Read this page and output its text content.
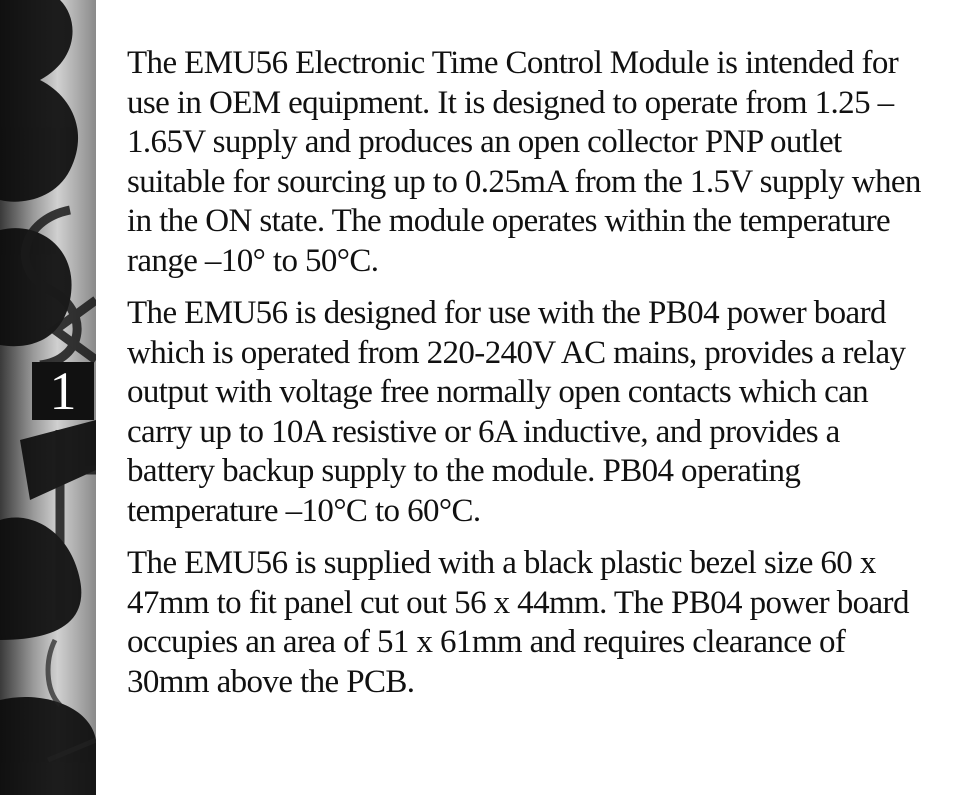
1

The EMU56 Electronic Time Control Module is intended for use in OEM equipment. It is designed to operate from 1.25 – 1.65V supply and produces an open collector PNP outlet suitable for sourcing up to 0.25mA from the 1.5V supply when in the ON state. The module operates within the temperature range –10° to 50°C.

The EMU56 is designed for use with the PB04 power board which is operated from 220-240V AC mains, provides a relay output with voltage free normally open contacts which can carry up to 10A resistive or 6A inductive, and provides a battery backup supply to the module. PB04 operating temperature –10°C to 60°C.

The EMU56 is supplied with a black plastic bezel size 60 x 47mm to fit panel cut out 56 x 44mm. The PB04 power board occupies an area of 51 x 61mm and requires clearance of 30mm above the PCB.
